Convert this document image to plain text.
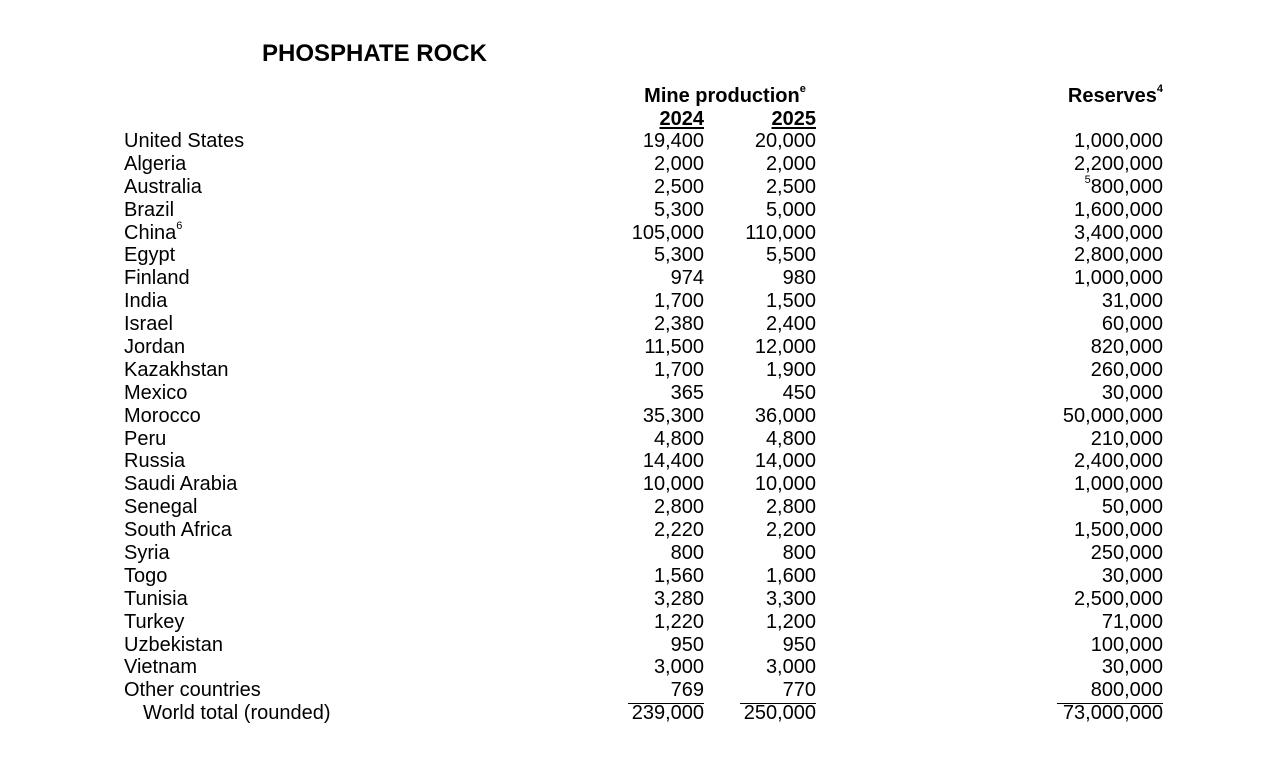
PHOSPHATE ROCK
Mine production$^e$	Reserves$^4$
2024	2025
United States	19,400	20,000	1,000,000
Algeria	2,000	2,000	2,200,000
Australia	2,500	2,500	$^5$800,000
Brazil	5,300	5,000	1,600,000
China$^6$	105,000	110,000	3,400,000
Egypt	5,300	5,500	2,800,000
Finland	974	980	1,000,000
India	1,700	1,500	31,000
Israel	2,380	2,400	60,000
Jordan	11,500	12,000	820,000
Kazakhstan	1,700	1,900	260,000
Mexico	365	450	30,000
Morocco	35,300	36,000	50,000,000
Peru	4,800	4,800	210,000
Russia	14,400	14,000	2,400,000
Saudi Arabia	10,000	10,000	1,000,000
Senegal	2,800	2,800	50,000
South Africa	2,220	2,200	1,500,000
Syria	800	800	250,000
Togo	1,560	1,600	30,000
Tunisia	3,280	3,300	2,500,000
Turkey	1,220	1,200	71,000
Uzbekistan	950	950	100,000
Vietnam	3,000	3,000	30,000
Other countries	769	770	800,000
World total (rounded)	239,000	250,000	73,000,000
